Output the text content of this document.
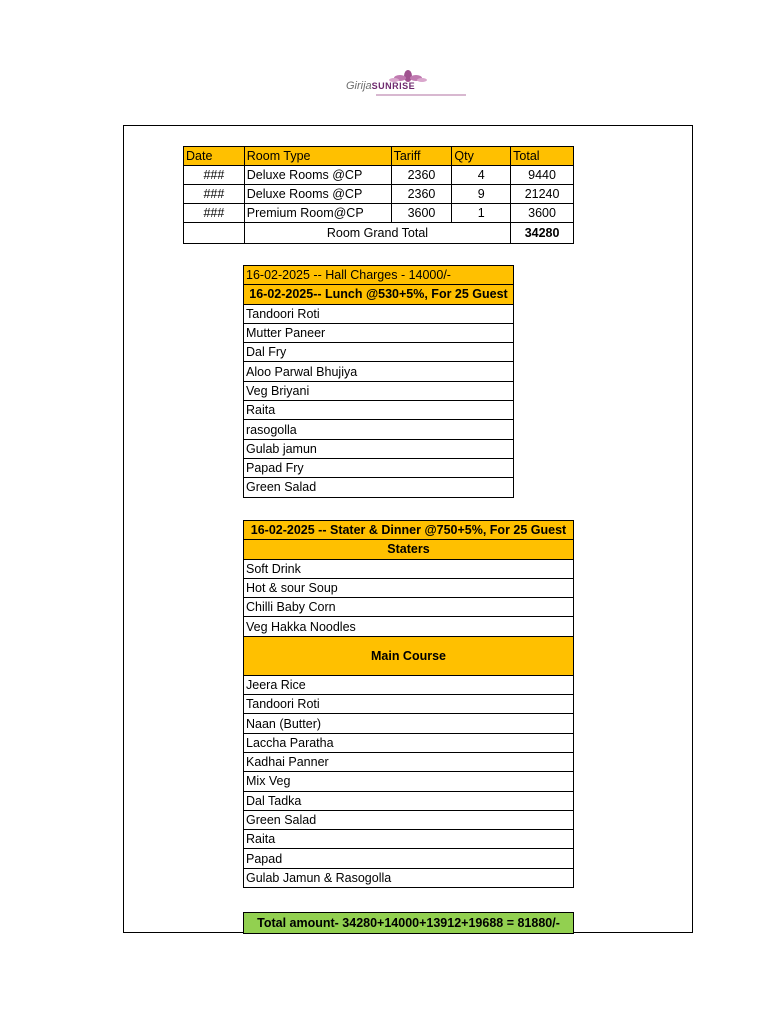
GirijaSUNRISE
Date	Room Type	Tariff	Qty	Total
###	Deluxe Rooms @CP	2360	4	9440
###	Deluxe Rooms @CP	2360	9	21240
###	Premium Room@CP	3600	1	3600
	Room Grand Total			34280
16-02-2025 -- Hall Charges - 14000/-
16-02-2025-- Lunch @530+5%, For 25 Guest
Tandoori Roti
Mutter Paneer
Dal Fry
Aloo Parwal Bhujiya
Veg Briyani
Raita
rasogolla
Gulab jamun
Papad Fry
Green Salad
16-02-2025 -- Stater & Dinner @750+5%, For 25 Guest
Staters
Soft Drink
Hot & sour Soup
Chilli Baby Corn
Veg Hakka Noodles
Main Course
Jeera Rice
Tandoori Roti
Naan (Butter)
Laccha Paratha
Kadhai Panner
Mix Veg
Dal Tadka
Green Salad
Raita
Papad
Gulab Jamun & Rasogolla
Total amount- 34280+14000+13912+19688 = 81880/-
